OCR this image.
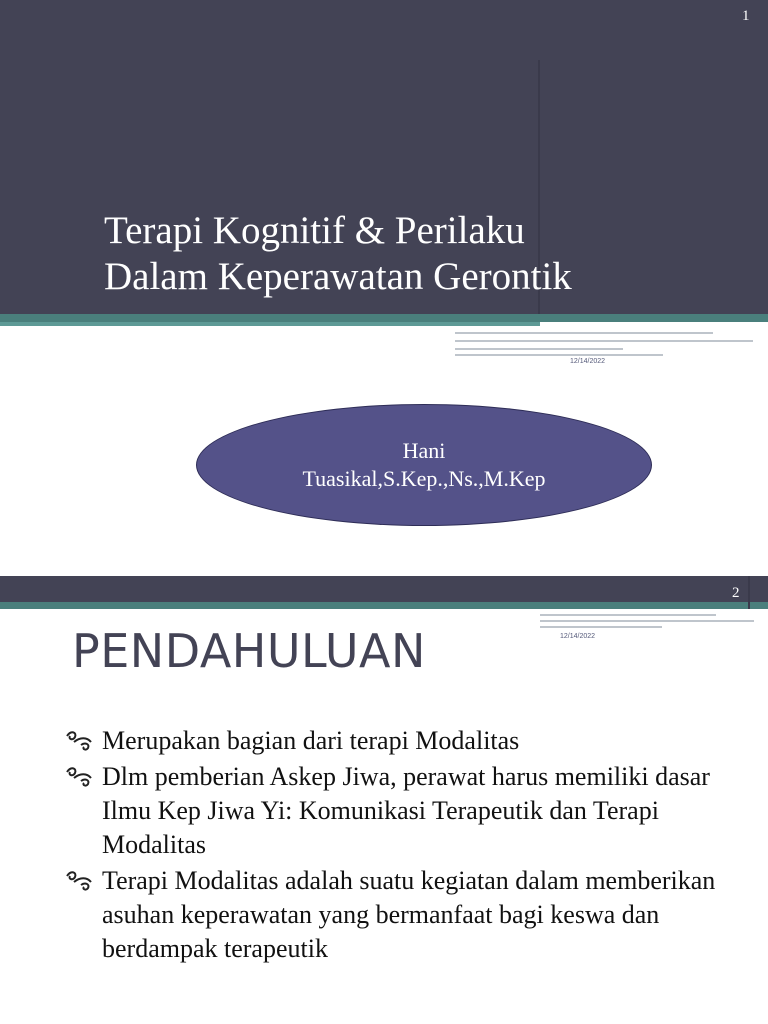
1
12/14/2022
Terapi Kognitif & Perilaku
Dalam Keperawatan Gerontik
Hani
Tuasikal,S.Kep.,Ns.,M.Kep
2
12/14/2022
PENDAHULUAN
Merupakan bagian dari terapi Modalitas
Dlm pemberian Askep Jiwa, perawat harus memiliki dasar Ilmu Kep Jiwa Yi: Komunikasi Terapeutik dan Terapi Modalitas
Terapi Modalitas adalah suatu kegiatan dalam memberikan asuhan keperawatan yang bermanfaat bagi keswa dan berdampak terapeutik
